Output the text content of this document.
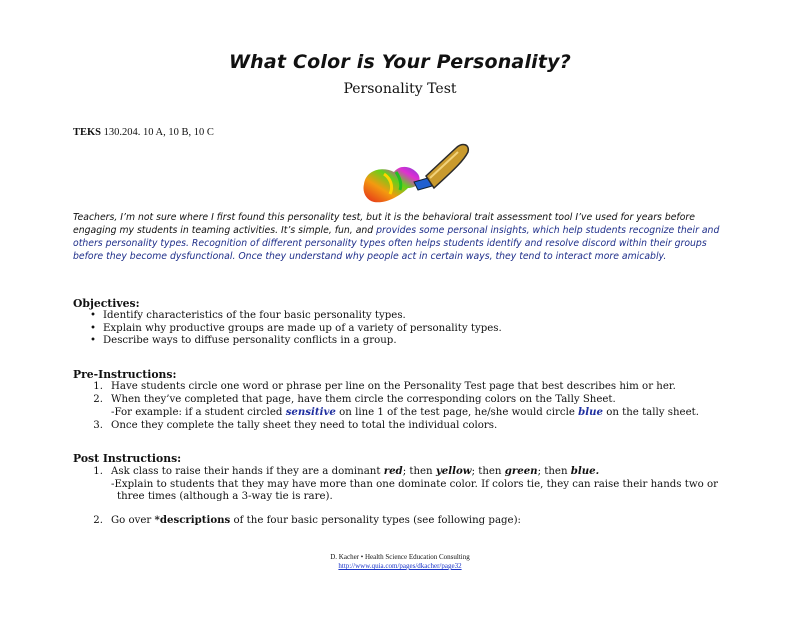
What Color is Your Personality?
Personality Test
TEKS 130.204. 10 A, 10 B, 10 C
Teachers, I’m not sure where I first found this personality test, but it is the behavioral trait assessment tool I’ve used for years before engaging my students in teaming activities. It’s simple, fun, and provides some personal insights, which help students recognize their and others personality types. Recognition of different personality types often helps students identify and resolve discord within their groups before they become dysfunctional. Once they understand why people act in certain ways, they tend to interact more amicably.
Objectives:
• Identify characteristics of the four basic personality types.
• Explain why productive groups are made up of a variety of personality types.
• Describe ways to diffuse personality conflicts in a group.
Pre-Instructions:
1. Have students circle one word or phrase per line on the Personality Test page that best describes him or her.
2. When they’ve completed that page, have them circle the corresponding colors on the Tally Sheet.
-For example: if a student circled sensitive on line 1 of the test page, he/she would circle blue on the tally sheet.
3. Once they complete the tally sheet they need to total the individual colors.
Post Instructions:
1. Ask class to raise their hands if they are a dominant red; then yellow; then green; then blue.
-Explain to students that they may have more than one dominate color. If colors tie, they can raise their hands two or
three times (although a 3-way tie is rare).
2. Go over *descriptions of the four basic personality types (see following page):
D. Kacher • Health Science Education Consulting
http://www.quia.com/pages/dkacher/page32
